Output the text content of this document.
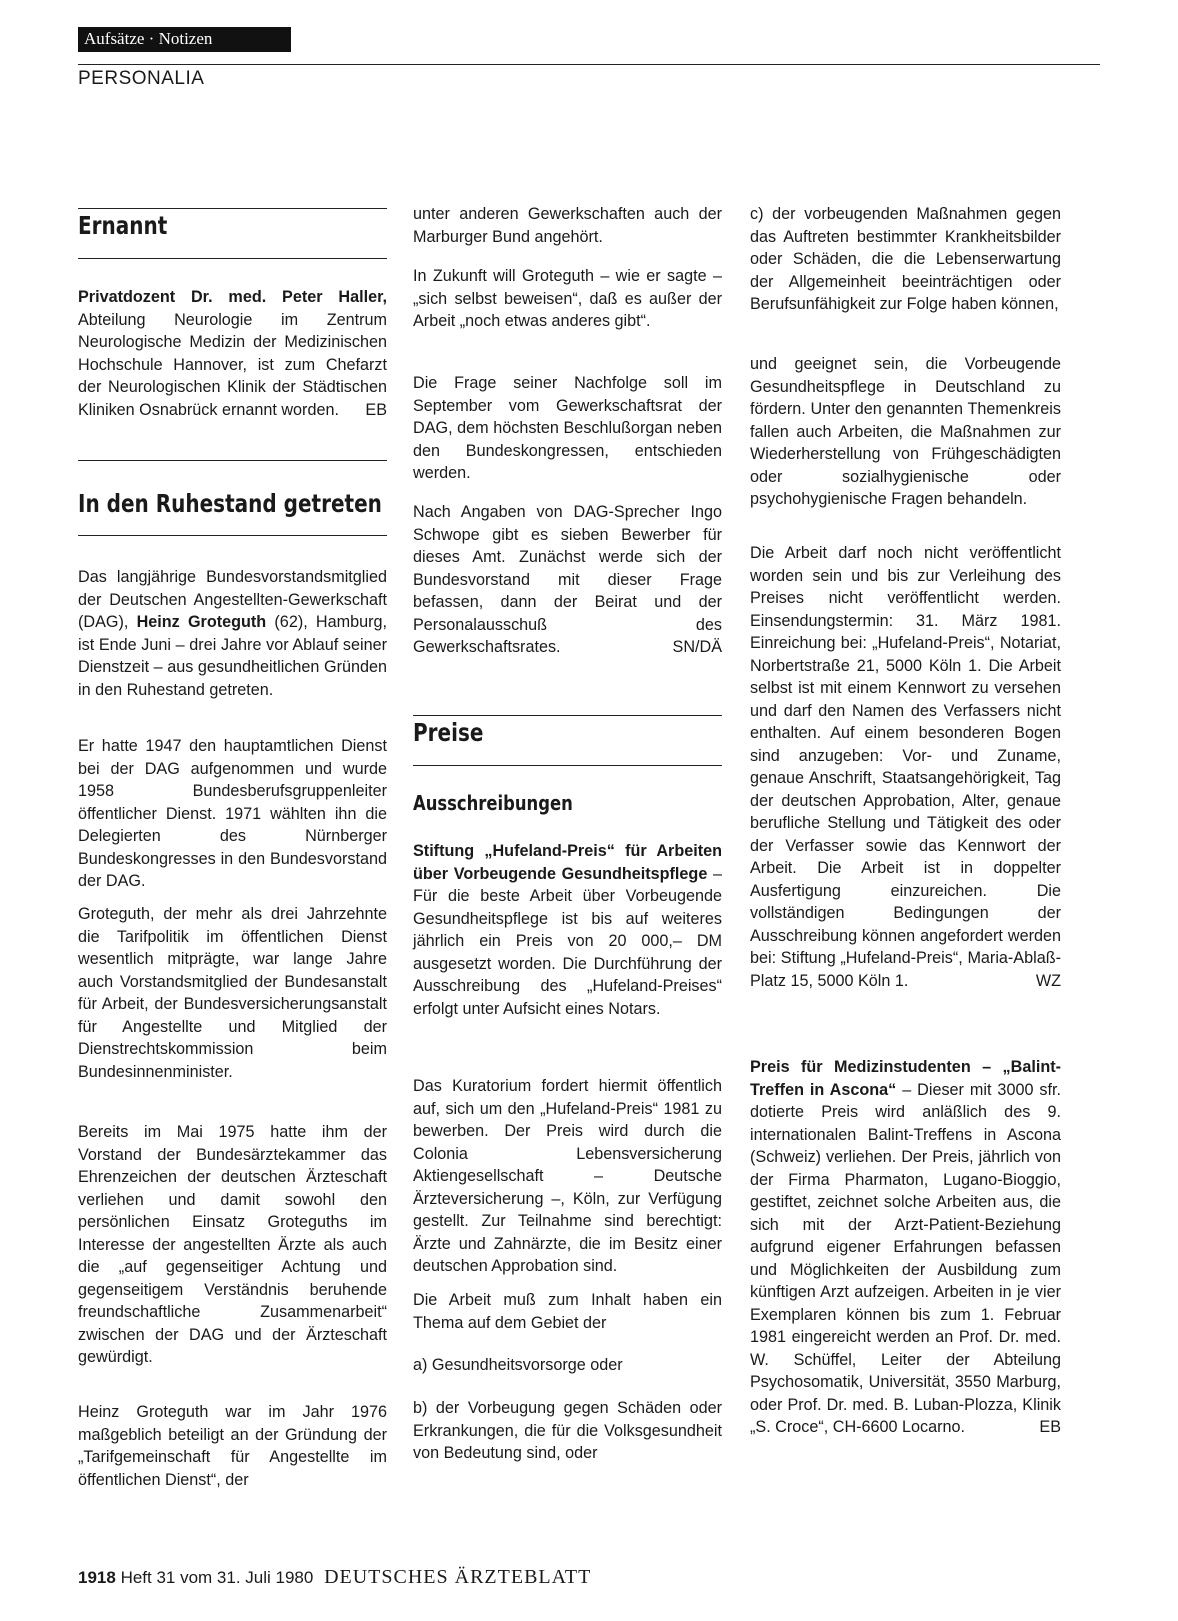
Aufsätze · Notizen
PERSONALIA
Ernannt

Privatdozent Dr. med. Peter Haller, Abteilung Neurologie im Zentrum Neurologische Medizin der Medizinischen Hochschule Hannover, ist zum Chefarzt der Neurologischen Klinik der Städtischen Kliniken Osnabrück ernannt worden. EB

In den Ruhestand getreten

Das langjährige Bundesvorstandsmitglied der Deutschen Angestellten-Gewerkschaft (DAG), Heinz Groteguth (62), Hamburg, ist Ende Juni – drei Jahre vor Ablauf seiner Dienstzeit – aus gesundheitlichen Gründen in den Ruhestand getreten.

Er hatte 1947 den hauptamtlichen Dienst bei der DAG aufgenommen und wurde 1958 Bundesberufsgruppenleiter öffentlicher Dienst. 1971 wählten ihn die Delegierten des Nürnberger Bundeskongresses in den Bundesvorstand der DAG.

Groteguth, der mehr als drei Jahrzehnte die Tarifpolitik im öffentlichen Dienst wesentlich mitprägte, war lange Jahre auch Vorstandsmitglied der Bundesanstalt für Arbeit, der Bundesversicherungsanstalt für Angestellte und Mitglied der Dienstrechtskommission beim Bundesinnenminister.

Bereits im Mai 1975 hatte ihm der Vorstand der Bundesärztekammer das Ehrenzeichen der deutschen Ärzteschaft verliehen und damit sowohl den persönlichen Einsatz Groteguths im Interesse der angestellten Ärzte als auch die „auf gegenseitiger Achtung und gegenseitigem Verständnis beruhende freundschaftliche Zusammenarbeit“ zwischen der DAG und der Ärzteschaft gewürdigt.

Heinz Groteguth war im Jahr 1976 maßgeblich beteiligt an der Gründung der „Tarifgemeinschaft für Angestellte im öffentlichen Dienst“, der

unter anderen Gewerkschaften auch der Marburger Bund angehört.

In Zukunft will Groteguth – wie er sagte – „sich selbst beweisen“, daß es außer der Arbeit „noch etwas anderes gibt“.

Die Frage seiner Nachfolge soll im September vom Gewerkschaftsrat der DAG, dem höchsten Beschlußorgan neben den Bundeskongressen, entschieden werden.

Nach Angaben von DAG-Sprecher Ingo Schwope gibt es sieben Bewerber für dieses Amt. Zunächst werde sich der Bundesvorstand mit dieser Frage befassen, dann der Beirat und der Personalausschuß des Gewerkschaftsrates.	SN/DÄ

Preise
Ausschreibungen

Stiftung „Hufeland-Preis“ für Arbeiten über Vorbeugende Gesundheitspflege – Für die beste Arbeit über Vorbeugende Gesundheitspflege ist bis auf weiteres jährlich ein Preis von 20 000,– DM ausgesetzt worden. Die Durchführung der Ausschreibung des „Hufeland-Preises“ erfolgt unter Aufsicht eines Notars.

Das Kuratorium fordert hiermit öffentlich auf, sich um den „Hufeland-Preis“ 1981 zu bewerben. Der Preis wird durch die Colonia Lebensversicherung Aktiengesellschaft – Deutsche Ärzteversicherung –, Köln, zur Verfügung gestellt. Zur Teilnahme sind berechtigt: Ärzte und Zahnärzte, die im Besitz einer deutschen Approbation sind.

Die Arbeit muß zum Inhalt haben ein Thema auf dem Gebiet der

a) Gesundheitsvorsorge oder

b) der Vorbeugung gegen Schäden oder Erkrankungen, die für die Volksgesundheit von Bedeutung sind, oder

c) der vorbeugenden Maßnahmen gegen das Auftreten bestimmter Krankheitsbilder oder Schäden, die die Lebenserwartung der Allgemeinheit beeinträchtigen oder Berufsunfähigkeit zur Folge haben können,

und geeignet sein, die Vorbeugende Gesundheitspflege in Deutschland zu fördern. Unter den genannten Themenkreis fallen auch Arbeiten, die Maßnahmen zur Wiederherstellung von Frühgeschädigten oder sozialhygienische oder psychohygienische Fragen behandeln.

Die Arbeit darf noch nicht veröffentlicht worden sein und bis zur Verleihung des Preises nicht veröffentlicht werden. Einsendungstermin: 31. März 1981. Einreichung bei: „Hufeland-Preis“, Notariat, Norbertstraße 21, 5000 Köln 1. Die Arbeit selbst ist mit einem Kennwort zu versehen und darf den Namen des Verfassers nicht enthalten. Auf einem besonderen Bogen sind anzugeben: Vor- und Zuname, genaue Anschrift, Staatsangehörigkeit, Tag der deutschen Approbation, Alter, genaue berufliche Stellung und Tätigkeit des oder der Verfasser sowie das Kennwort der Arbeit. Die Arbeit ist in doppelter Ausfertigung einzureichen. Die vollständigen Bedingungen der Ausschreibung können angefordert werden bei: Stiftung „Hufeland-Preis“, Maria-Ablaß-Platz 15, 5000 Köln 1.	WZ

Preis für Medizinstudenten – „Balint-Treffen in Ascona“ – Dieser mit 3000 sfr. dotierte Preis wird anläßlich des 9. internationalen Balint-Treffens in Ascona (Schweiz) verliehen. Der Preis, jährlich von der Firma Pharmaton, Lugano-Bioggio, gestiftet, zeichnet solche Arbeiten aus, die sich mit der Arzt-Patient-Beziehung aufgrund eigener Erfahrungen befassen und Möglichkeiten der Ausbildung zum künftigen Arzt aufzeigen. Arbeiten in je vier Exemplaren können bis zum 1. Februar 1981 eingereicht werden an Prof. Dr. med. W. Schüffel, Leiter der Abteilung Psychosomatik, Universität, 3550 Marburg, oder Prof. Dr. med. B. Luban-Plozza, Klinik „S. Croce“, CH-6600 Locarno.	EB

1918 Heft 31 vom 31. Juli 1980 DEUTSCHES ÄRZTEBLATT
